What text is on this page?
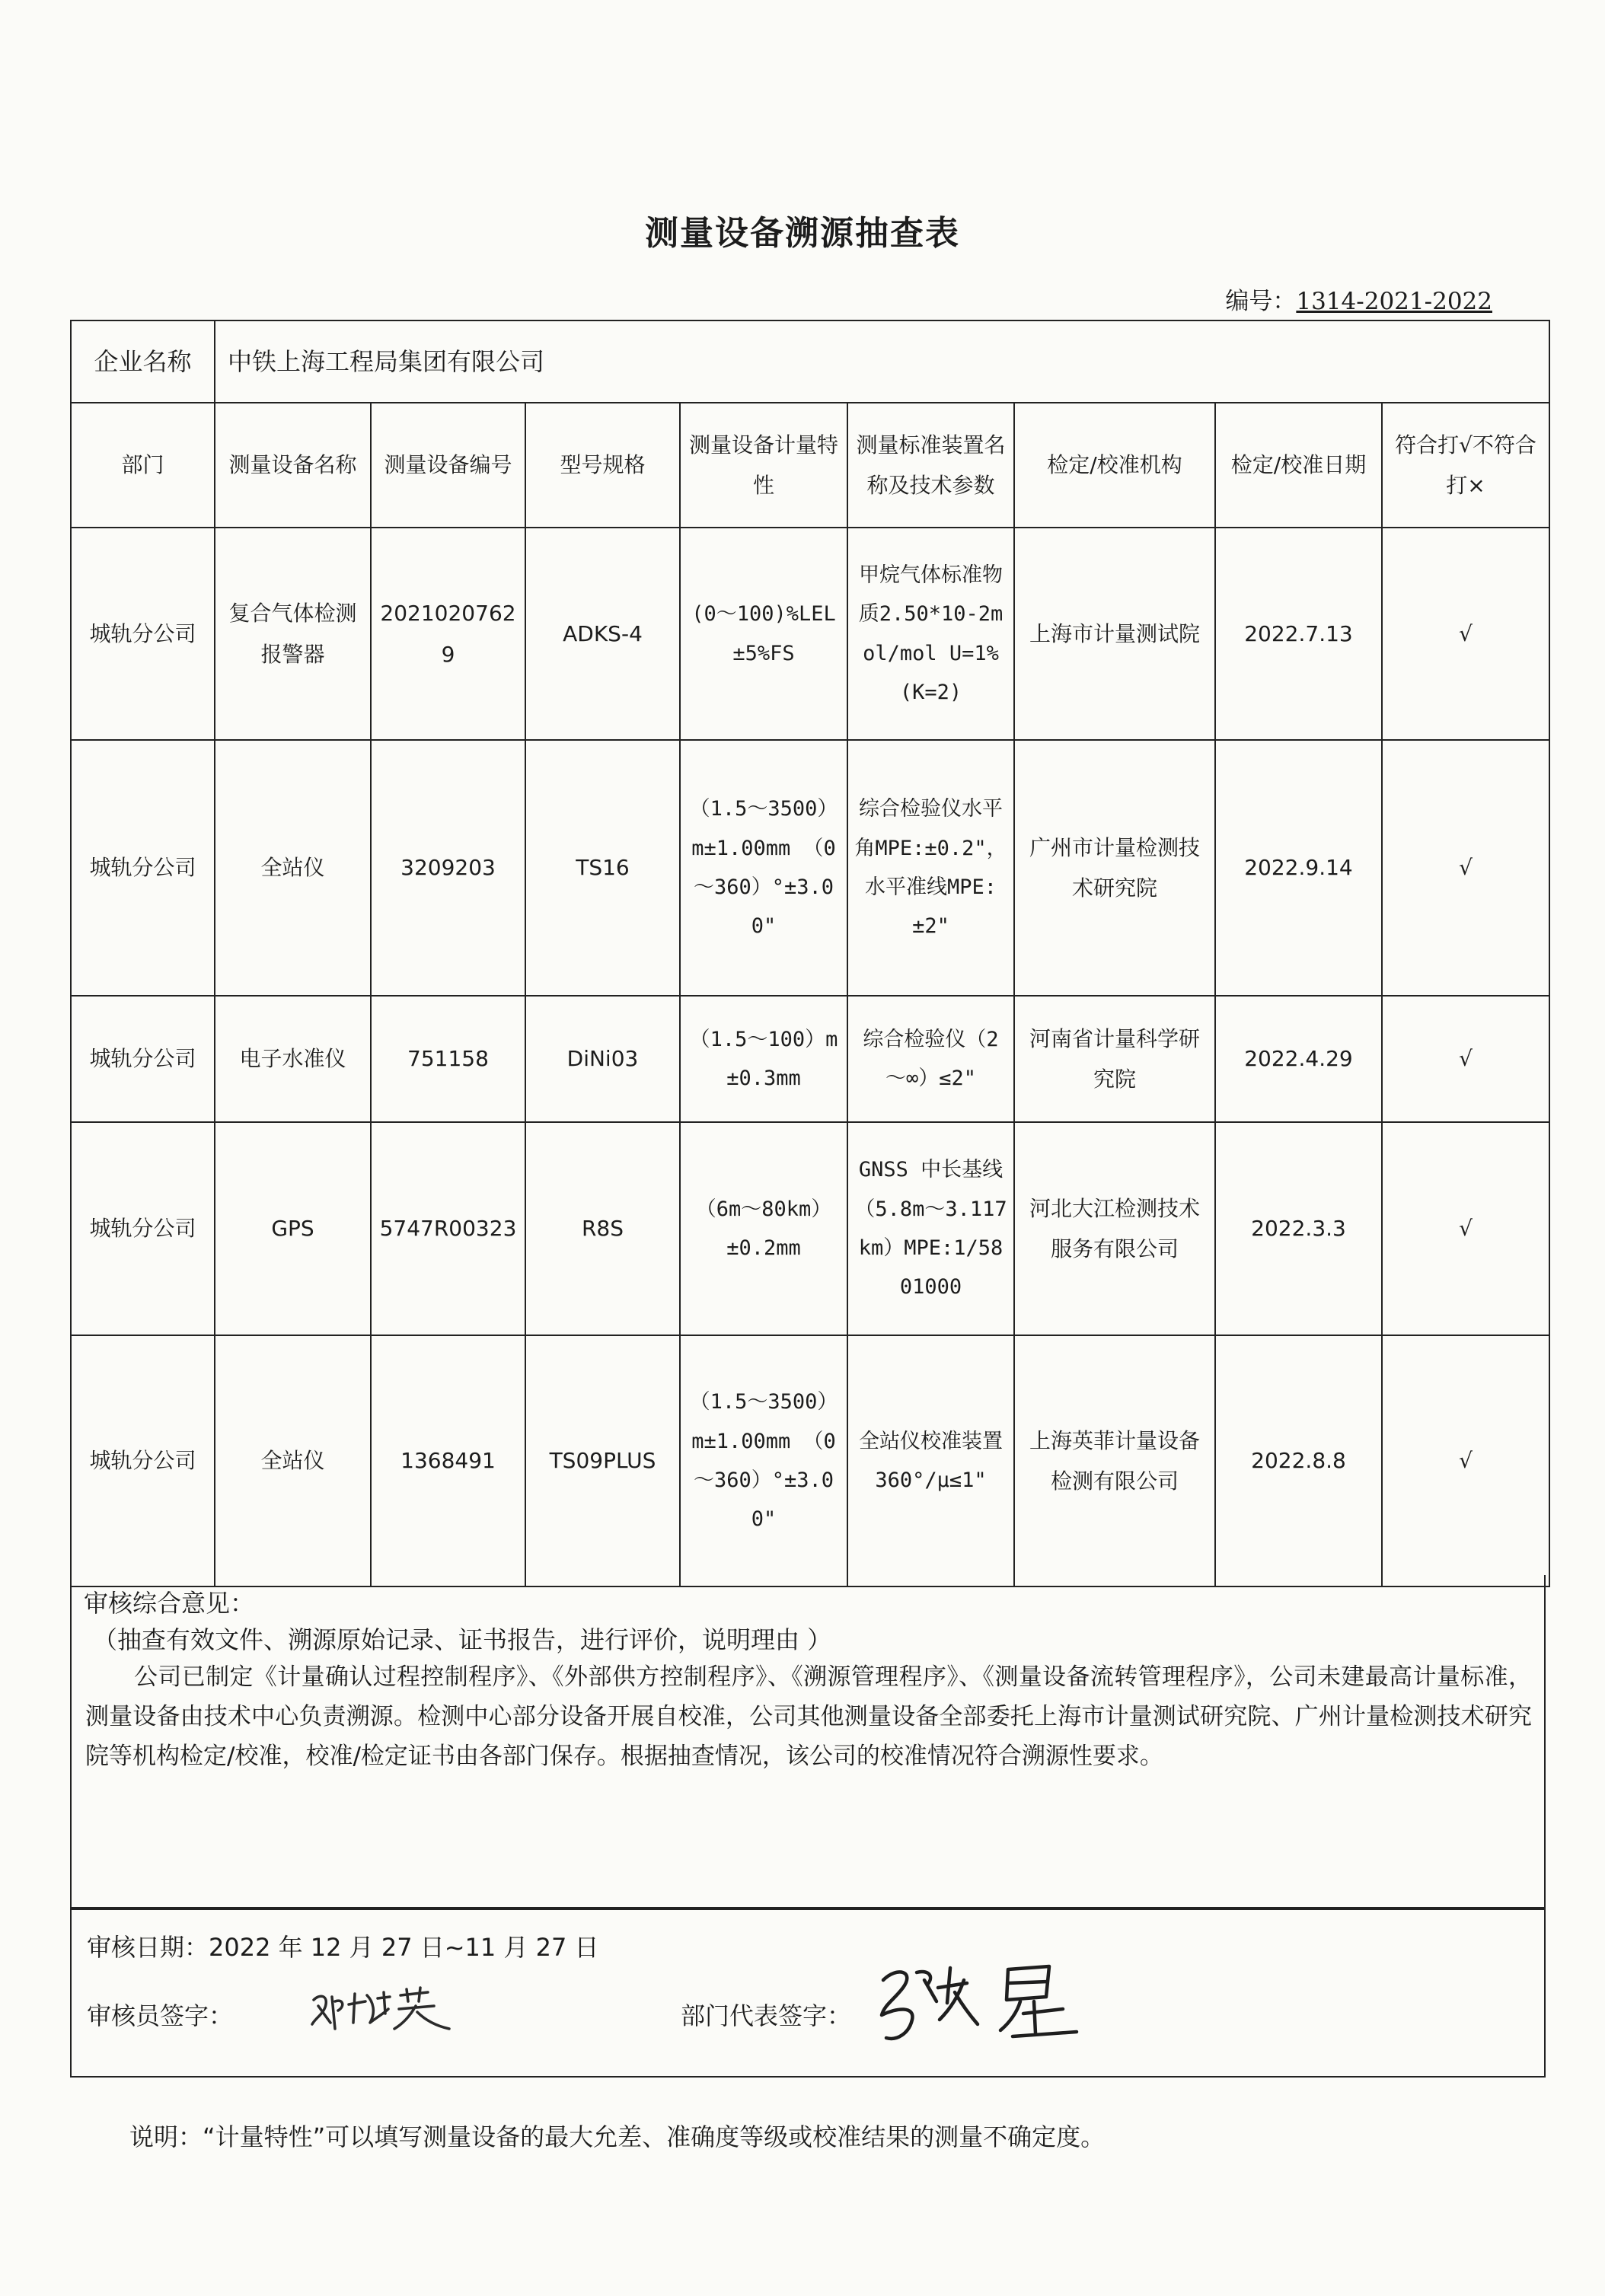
测量设备溯源抽查表
编号：1314-2021-2022
企业名称	中铁上海工程局集团有限公司							
部门	测量设备名称	测量设备编号	型号规格	测量设备计量特性	测量标准装置名称及技术参数	检定/校准机构	检定/校准日期	符合打√不符合打×
城轨分公司	复合气体检测报警器	20210207629	ADKS-4	(0～100)%LEL±5%FS	甲烷气体标准物质2.50*10-2mol/mol U=1%(K=2)	上海市计量测试院	2022.7.13	√
城轨分公司	全站仪	3209203	TS16	（1.5～3500）m±1.00mm （0～360）°±3.00"	综合检验仪水平角MPE:±0.2"，水平准线MPE:±2"	广州市计量检测技术研究院	2022.9.14	√
城轨分公司	电子水准仪	751158	DiNi03	（1.5～100）m±0.3mm	综合检验仪（2～∞）≤2"	河南省计量科学研究院	2022.4.29	√
城轨分公司	GPS	5747R00323	R8S	（6m～80km）±0.2mm	GNSS 中长基线（5.8m～3.117km）MPE:1/5801000	河北大江检测技术服务有限公司	2022.3.3	√
城轨分公司	全站仪	1368491	TS09PLUS	（1.5～3500）m±1.00mm （0～360）°±3.00"	全站仪校准装置360°/μ≤1"	上海英菲计量设备检测有限公司	2022.8.8	√
审核综合意见：
（抽查有效文件、溯源原始记录、证书报告，进行评价，说明理由 ）
公司已制定《计量确认过程控制程序》、《外部供方控制程序》、《溯源管理程序》、《测量设备流转管理程序》，公司未建最高计量标准，测量设备由技术中心负责溯源。检测中心部分设备开展自校准，公司其他测量设备全部委托上海市计量测试研究院、广州计量检测技术研究院等机构检定/校准，校准/检定证书由各部门保存。根据抽查情况，该公司的校准情况符合溯源性要求。
审核日期：2022 年 12 月 27 日~11 月 27 日
审核员签字：	部门代表签字：
说明：“计量特性”可以填写测量设备的最大允差、准确度等级或校准结果的测量不确定度。
